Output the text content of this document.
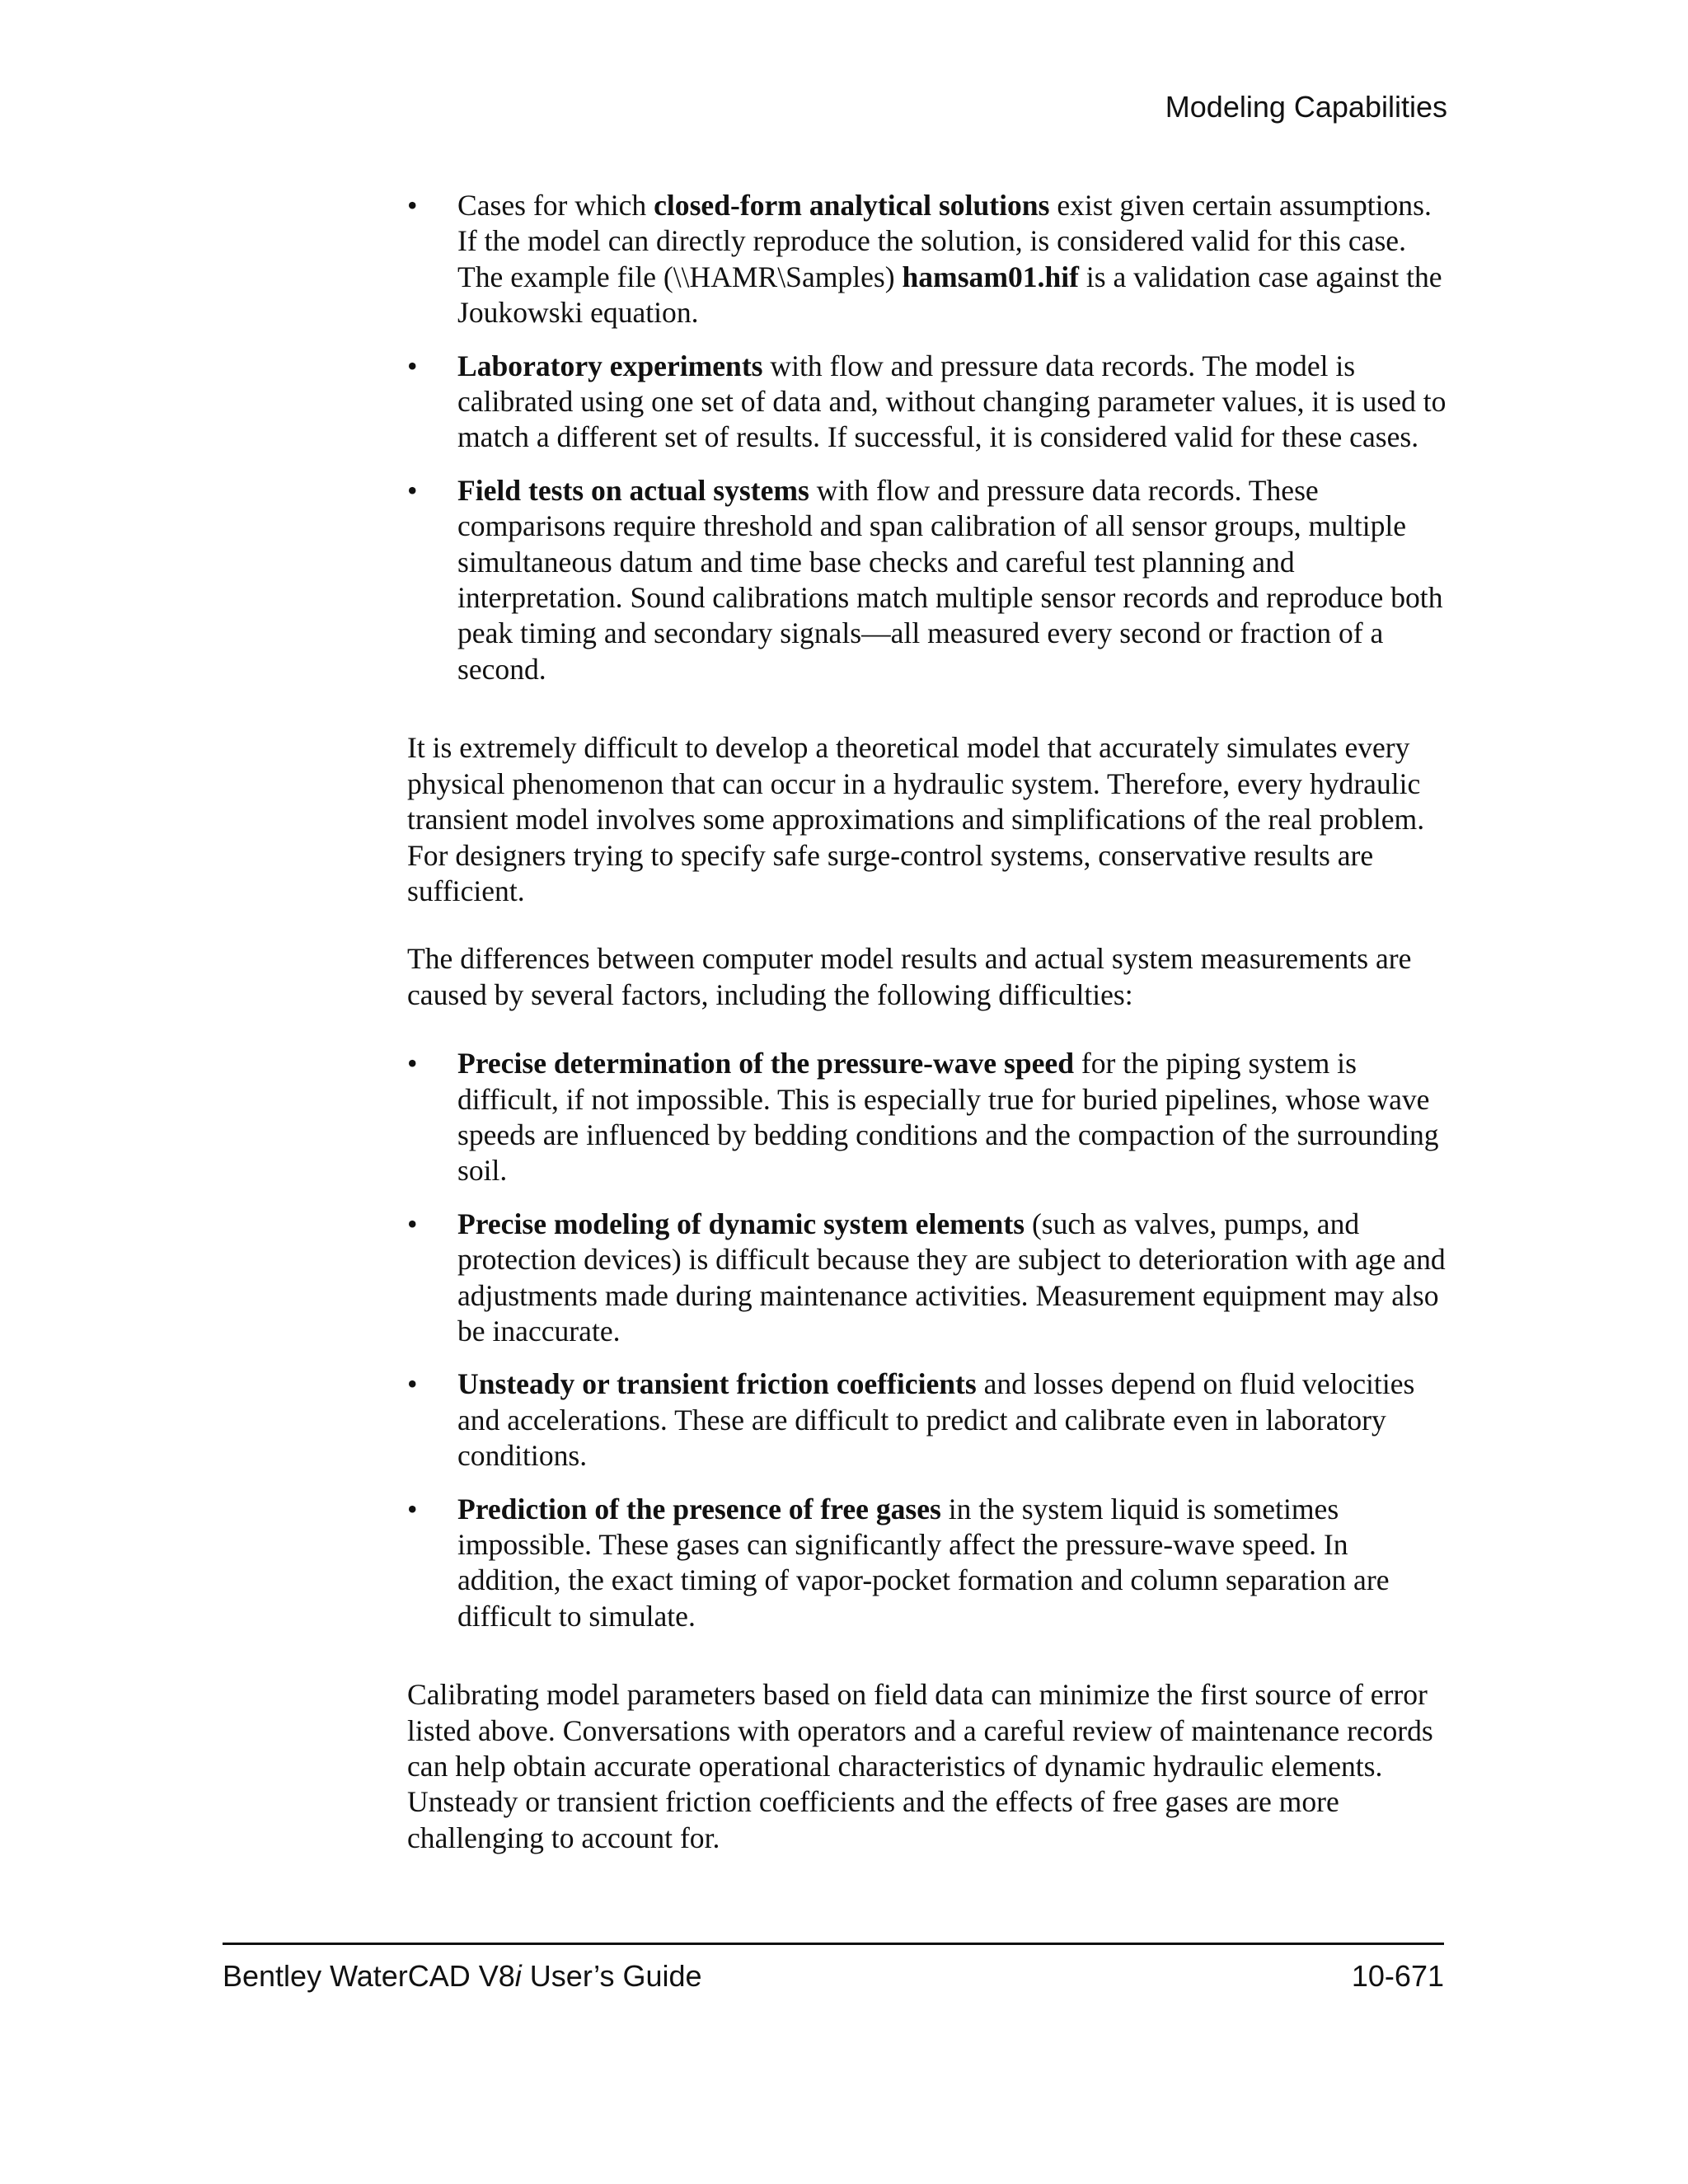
Modeling Capabilities
• Cases for which closed-form analytical solutions exist given certain assumptions. If the model can directly reproduce the solution, is considered valid for this case. The example file (\\HAMR\Samples) hamsam01.hif is a validation case against the Joukowski equation.
• Laboratory experiments with flow and pressure data records. The model is calibrated using one set of data and, without changing parameter values, it is used to match a different set of results. If successful, it is considered valid for these cases.
• Field tests on actual systems with flow and pressure data records. These comparisons require threshold and span calibration of all sensor groups, multiple simultaneous datum and time base checks and careful test planning and interpretation. Sound calibrations match multiple sensor records and reproduce both peak timing and secondary signals—all measured every second or fraction of a second.

It is extremely difficult to develop a theoretical model that accurately simulates every physical phenomenon that can occur in a hydraulic system. Therefore, every hydraulic transient model involves some approximations and simplifications of the real problem. For designers trying to specify safe surge-control systems, conservative results are sufficient.

The differences between computer model results and actual system measurements are caused by several factors, including the following difficulties:

• Precise determination of the pressure-wave speed for the piping system is difficult, if not impossible. This is especially true for buried pipelines, whose wave speeds are influenced by bedding conditions and the compaction of the surrounding soil.
• Precise modeling of dynamic system elements (such as valves, pumps, and protection devices) is difficult because they are subject to deterioration with age and adjustments made during maintenance activities. Measurement equipment may also be inaccurate.
• Unsteady or transient friction coefficients and losses depend on fluid velocities and accelerations. These are difficult to predict and calibrate even in laboratory conditions.
• Prediction of the presence of free gases in the system liquid is sometimes impossible. These gases can significantly affect the pressure-wave speed. In addition, the exact timing of vapor-pocket formation and column separation are difficult to simulate.

Calibrating model parameters based on field data can minimize the first source of error listed above. Conversations with operators and a careful review of maintenance records can help obtain accurate operational characteristics of dynamic hydraulic elements. Unsteady or transient friction coefficients and the effects of free gases are more challenging to account for.

Bentley WaterCAD V8i User’s Guide	10-671
